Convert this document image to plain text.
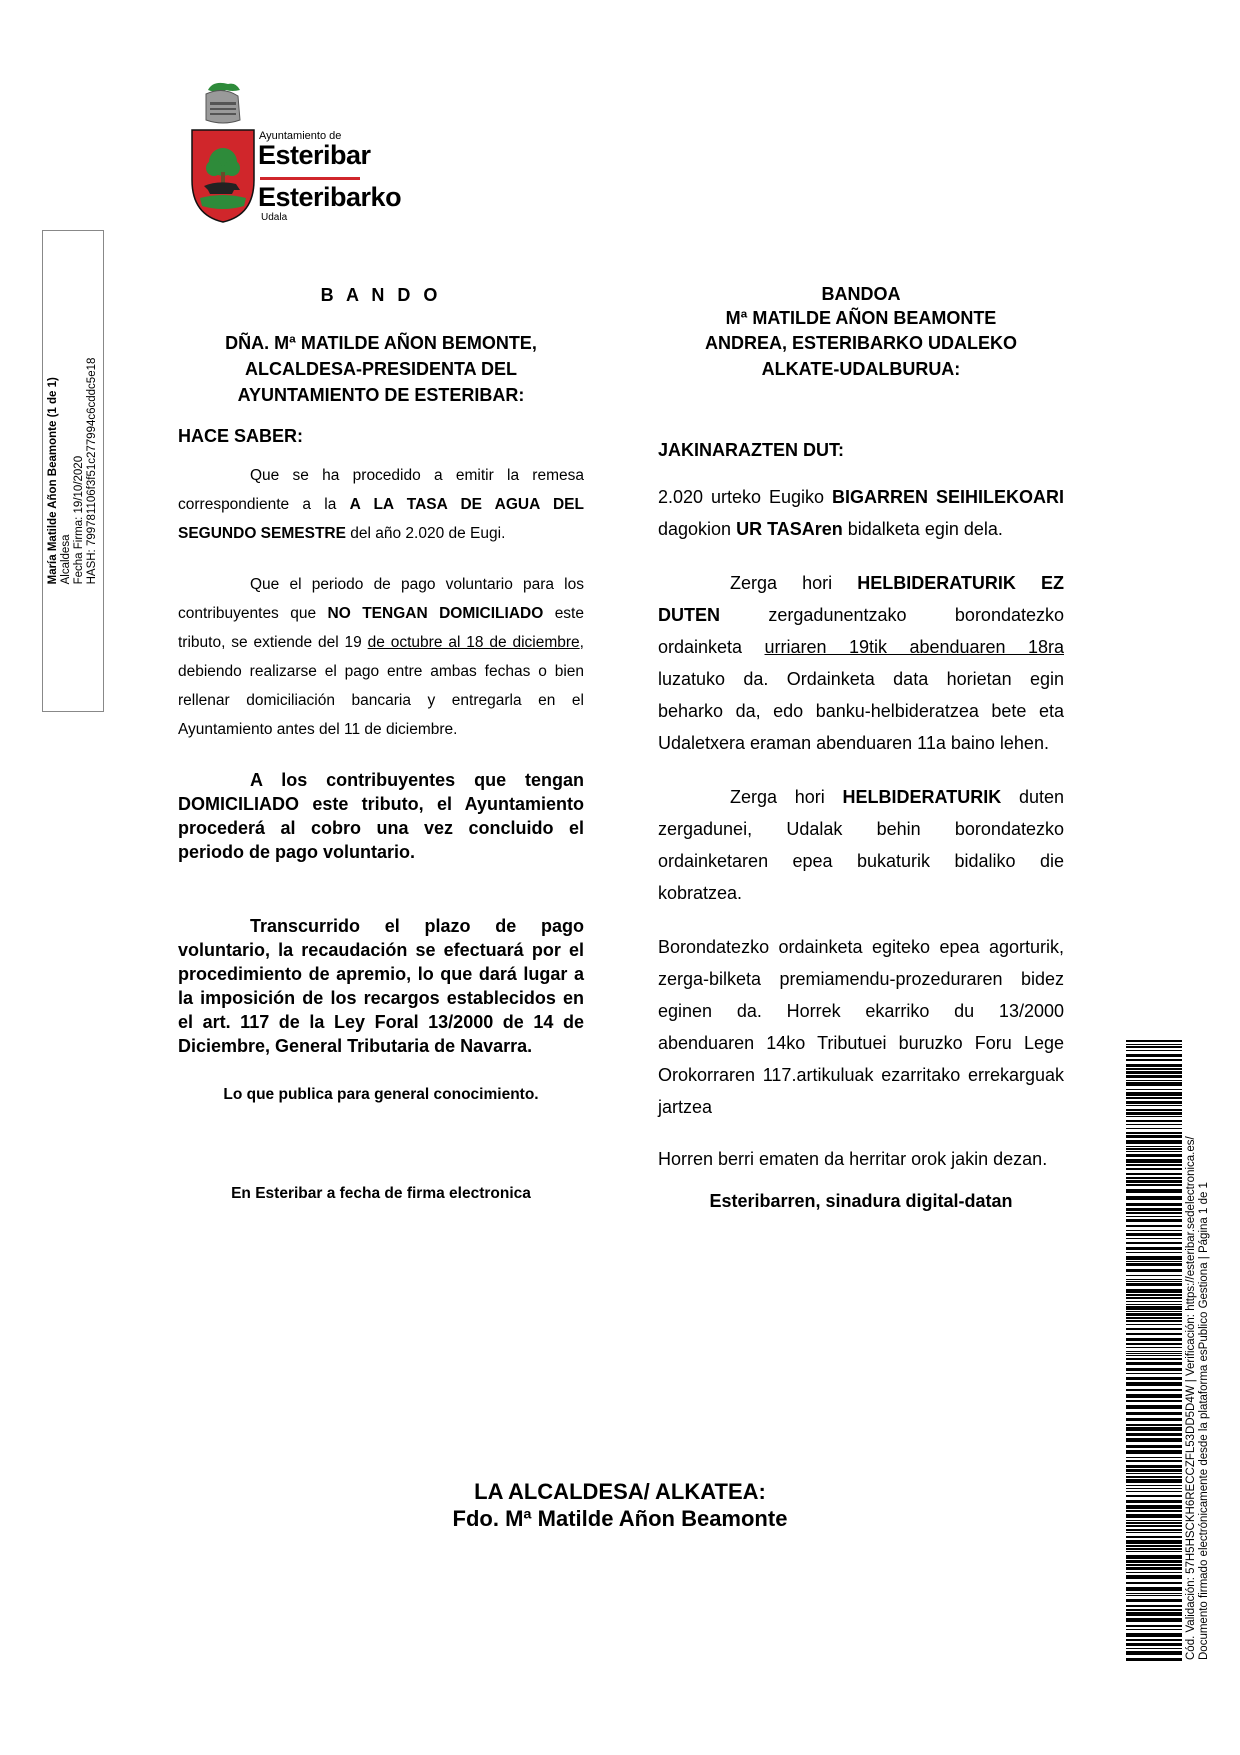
Ayuntamiento de
Esteribar
Esteribarko
Udala
María Matilde Añon Beamonte (1 de 1) Alcaldesa Fecha Firma: 19/10/2020 HASH: 799781106f3f51c277994c6cddc5e18
B A N D O
DÑA. Mª MATILDE AÑON BEMONTE,
ALCALDESA-PRESIDENTA DEL
AYUNTAMIENTO DE ESTERIBAR:
HACE SABER:

Que se ha procedido a emitir la remesa correspondiente a la A LA TASA DE AGUA DEL SEGUNDO SEMESTRE del año 2.020 de Eugi.

Que el periodo de pago voluntario para los contribuyentes que NO TENGAN DOMICILIADO este tributo, se extiende del 19 de octubre al 18 de diciembre, debiendo realizarse el pago entre ambas fechas o bien rellenar domiciliación bancaria y entregarla en el Ayuntamiento antes del 11 de diciembre.

A los contribuyentes que tengan DOMICILIADO este tributo, el Ayuntamiento procederá al cobro una vez concluido el periodo de pago voluntario.

Transcurrido el plazo de pago voluntario, la recaudación se efectuará por el procedimiento de apremio, lo que dará lugar a la imposición de los recargos establecidos en el art. 117 de la Ley Foral 13/2000 de 14 de Diciembre, General Tributaria de Navarra.

Lo que publica para general conocimiento.

En Esteribar a fecha de firma electronica

BANDOA
Mª MATILDE AÑON BEAMONTE
ANDREA, ESTERIBARKO UDALEKO
ALKATE-UDALBURUA:
JAKINARAZTEN DUT:

2.020 urteko Eugiko BIGARREN SEIHILEKOARI dagokion UR TASAren bidalketa egin dela.

Zerga hori HELBIDERATURIK EZ DUTEN zergadunentzako borondatezko ordainketa urriaren 19tik abenduaren 18ra luzatuko da. Ordainketa data horietan egin beharko da, edo banku-helbideratzea bete eta Udaletxera eraman abenduaren 11a baino lehen.

Zerga hori HELBIDERATURIK duten zergadunei, Udalak behin borondatezko ordainketaren epea bukaturik bidaliko die kobratzea.

Borondatezko ordainketa egiteko epea agorturik, zerga-bilketa premiamendu-prozeduraren bidez eginen da. Horrek ekarriko du 13/2000 abenduaren 14ko Tributuei buruzko Foru Lege Orokorraren 117.artikuluak ezarritako errekarguak jartzea

Horren berri ematen da herritar orok jakin dezan.

Esteribarren, sinadura digital-datan

LA ALCALDESA/ ALKATEA:
Fdo. Mª Matilde Añon Beamonte	Cód. Validación: 57H5HSCKH6RECCZFL53DD5D4W | Verificación: https://esteribar.sedelectronica.es/ Documento firmado electrónicamente desde la plataforma esPublico Gestiona | Página 1 de 1
